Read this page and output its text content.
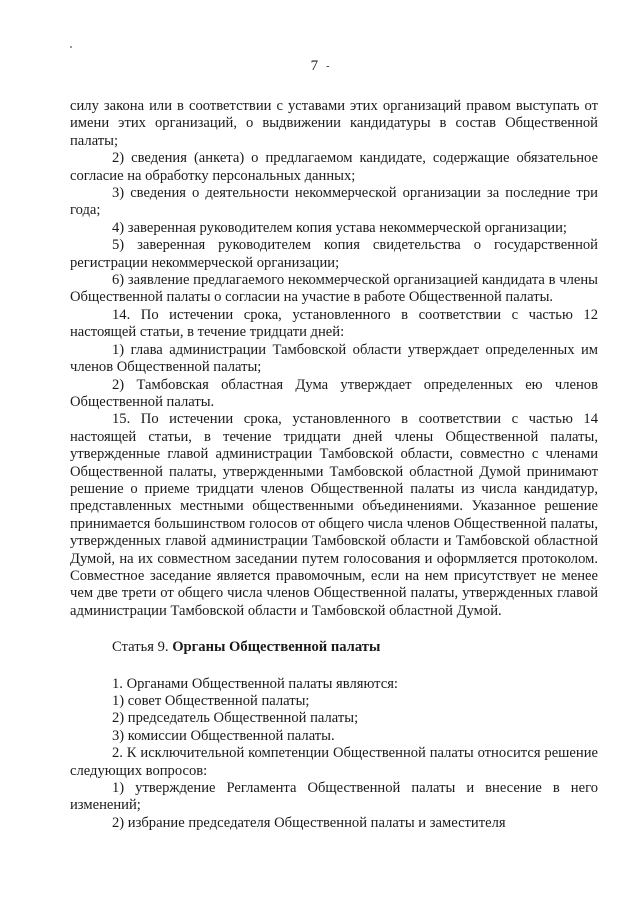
7 -

силу закона или в соответствии с уставами этих организаций правом выступать от имени этих организаций, о выдвижении кандидатуры в состав Общественной палаты;

2) сведения (анкета) о предлагаемом кандидате, содержащие обязательное согласие на обработку персональных данных;

3) сведения о деятельности некоммерческой организации за последние три года;

4) заверенная руководителем копия устава некоммерческой организации;

5) заверенная руководителем копия свидетельства о государственной регистрации некоммерческой организации;

6) заявление предлагаемого некоммерческой организацией кандидата в члены Общественной палаты о согласии на участие в работе Общественной палаты.

14. По истечении срока, установленного в соответствии с частью 12 настоящей статьи, в течение тридцати дней:

1) глава администрации Тамбовской области утверждает определенных им членов Общественной палаты;

2) Тамбовская областная Дума утверждает определенных ею членов Общественной палаты.

15. По истечении срока, установленного в соответствии с частью 14 настоящей статьи, в течение тридцати дней члены Общественной палаты, утвержденные главой администрации Тамбовской области, совместно с членами Общественной палаты, утвержденными Тамбовской областной Думой принимают решение о приеме тридцати членов Общественной палаты из числа кандидатур, представленных местными общественными объединениями. Указанное решение принимается большинством голосов от общего числа членов Общественной палаты, утвержденных главой администрации Тамбовской области и Тамбовской областной Думой, на их совместном заседании путем голосования и оформляется протоколом. Совместное заседание является правомочным, если на нем присутствует не менее чем две трети от общего числа членов Общественной палаты, утвержденных главой администрации Тамбовской области и Тамбовской областной Думой.

Статья 9. Органы Общественной палаты

1. Органами Общественной палаты являются:

1) совет Общественной палаты;

2) председатель Общественной палаты;

3) комиссии Общественной палаты.

2. К исключительной компетенции Общественной палаты относится решение следующих вопросов:

1) утверждение Регламента Общественной палаты и внесение в него изменений;

2) избрание председателя Общественной палаты и заместителя
